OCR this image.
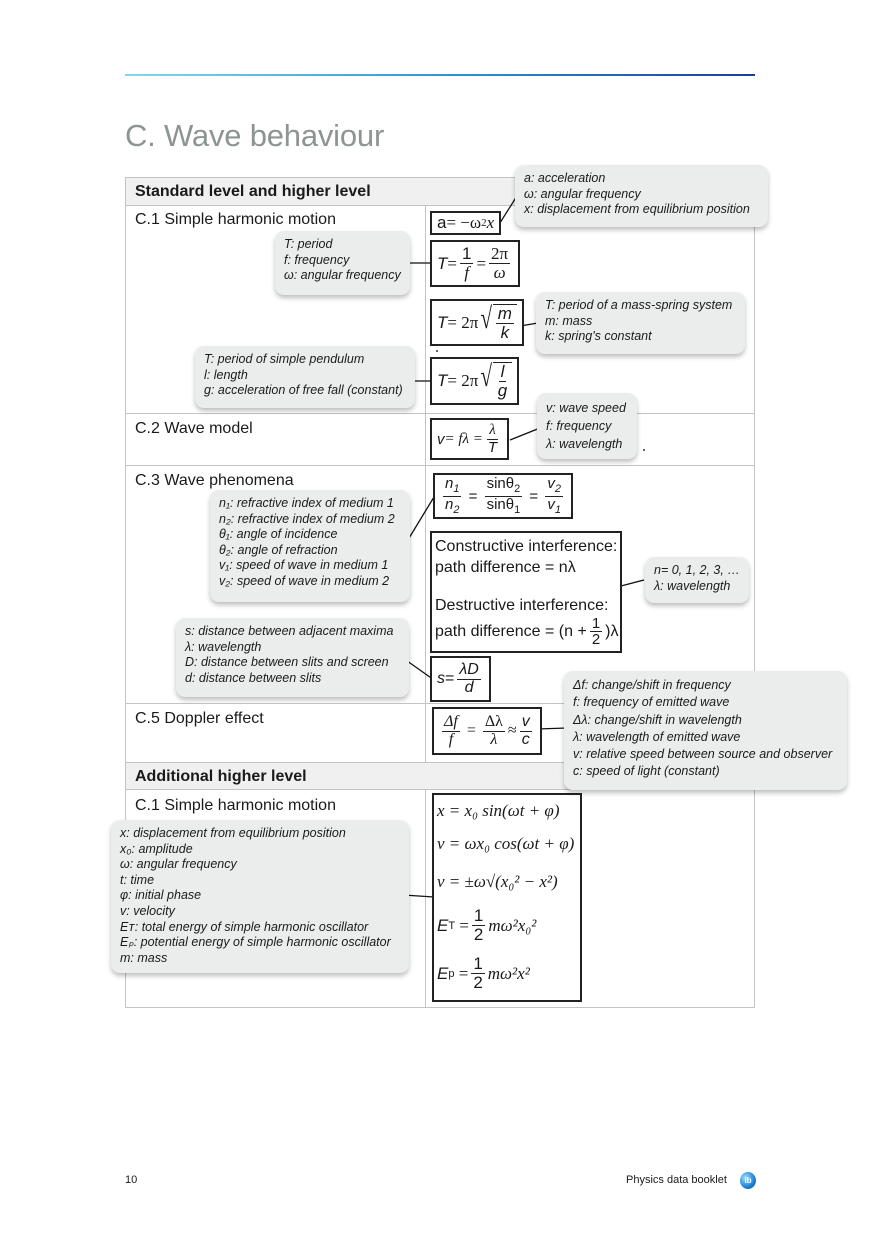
C. Wave behaviour
Standard level and higher level
C.1 Simple harmonic motion
C.2 Wave model
C.3 Wave phenomena
C.5 Doppler effect
Additional higher level
C.1 Simple harmonic motion
a = −ω 2 x
$T = \frac{1}{f} = \frac{2\pi}{\omega}$
T = 2π √ $\frac{m}{k}$
T = 2π √ $\frac{l}{g}$
$v = f\lambda = \frac{\lambda}{T}$
$\frac{n_1}{n_2} = \frac{\sin\theta_2}{\sin\theta_1} = \frac{v_2}{v_1}$
Constructive interference:
path difference = nλ
Destructive interference:
path difference = $(n + \frac{1}{2} )\lambda$
$s = \frac{\lambda D}{d}$
$\frac{\Delta f}{f} = \frac{\Delta\lambda}{\lambda} \approx \frac{v}{c}$
x = x₀ sin(ωt + φ)
v = ωx₀ cos(ωt + φ)
v = ±ω√(x₀² − x²)
E $T = \frac{1}{2} m\omega^2x_0^2$
E $p = \frac{1}{2} m\omega^2x^2$
a: acceleration
ω: angular frequency
x: displacement from equilibrium position
T: period
f: frequency
ω: angular frequency
T: period of a mass-spring system
m: mass
k: spring's constant
T: period of simple pendulum
l: length
g: acceleration of free fall (constant)
v: wave speed
f: frequency
λ: wavelength
n₁: refractive index of medium 1
n₂: refractive index of medium 2
θ₁: angle of incidence
θ₂: angle of refraction
v₁: speed of wave in medium 1
v₂: speed of wave in medium 2
n= 0, 1, 2, 3, …
λ: wavelength
s: distance between adjacent maxima
λ: wavelength
D: distance between slits and screen
d: distance between slits
Δf: change/shift in frequency
f: frequency of emitted wave
Δλ: change/shift in wavelength
λ: wavelength of emitted wave
v: relative speed between source and observer
c: speed of light (constant)
x: displacement from equilibrium position
x₀: amplitude
ω: angular frequency
t: time
φ: initial phase
v: velocity
Eᴛ: total energy of simple harmonic oscillator
Eₚ: potential energy of simple harmonic oscillator
m: mass
10	Physics data booklet	ib
